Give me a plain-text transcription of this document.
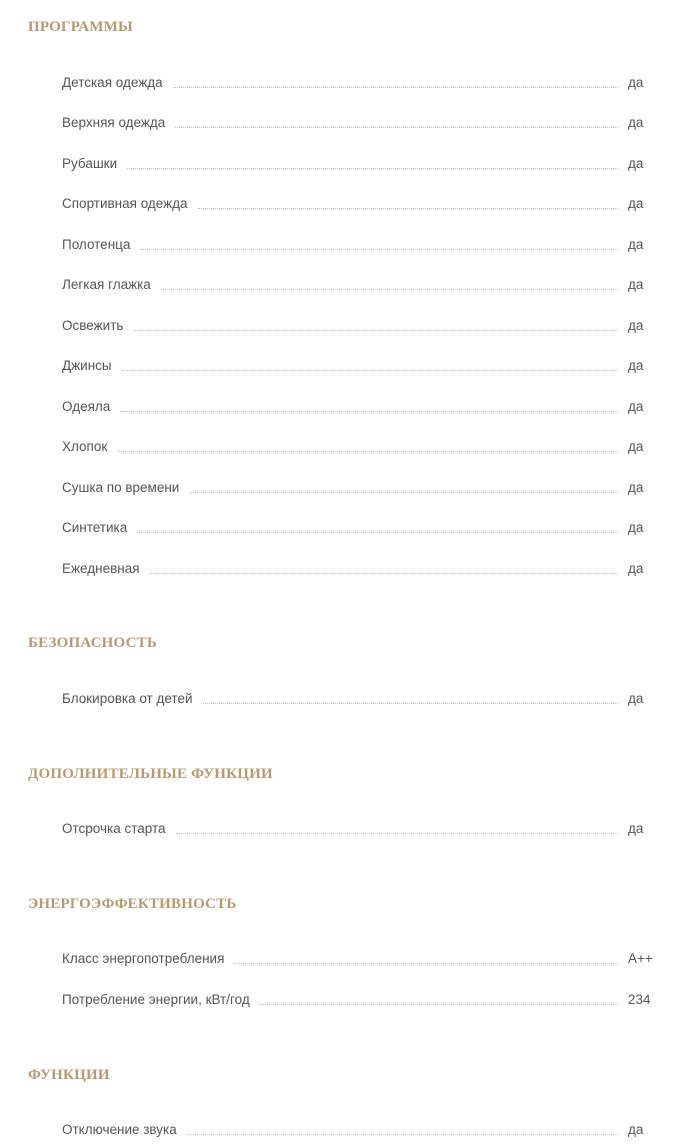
ПРОГРАММЫ
Детская одежда	да
Верхняя одежда	да
Рубашки	да
Спортивная одежда	да
Полотенца	да
Легкая глажка	да
Освежить	да
Джинсы	да
Одеяла	да
Хлопок	да
Сушка по времени	да
Синтетика	да
Ежедневная	да
БЕЗОПАСНОСТЬ
Блокировка от детей	да
ДОПОЛНИТЕЛЬНЫЕ ФУНКЦИИ
Отсрочка старта	да
ЭНЕРГОЭФФЕКТИВНОСТЬ
Класс энергопотребления	A++
Потребление энергии, кВт/год	234
ФУНКЦИИ
Отключение звука	да
